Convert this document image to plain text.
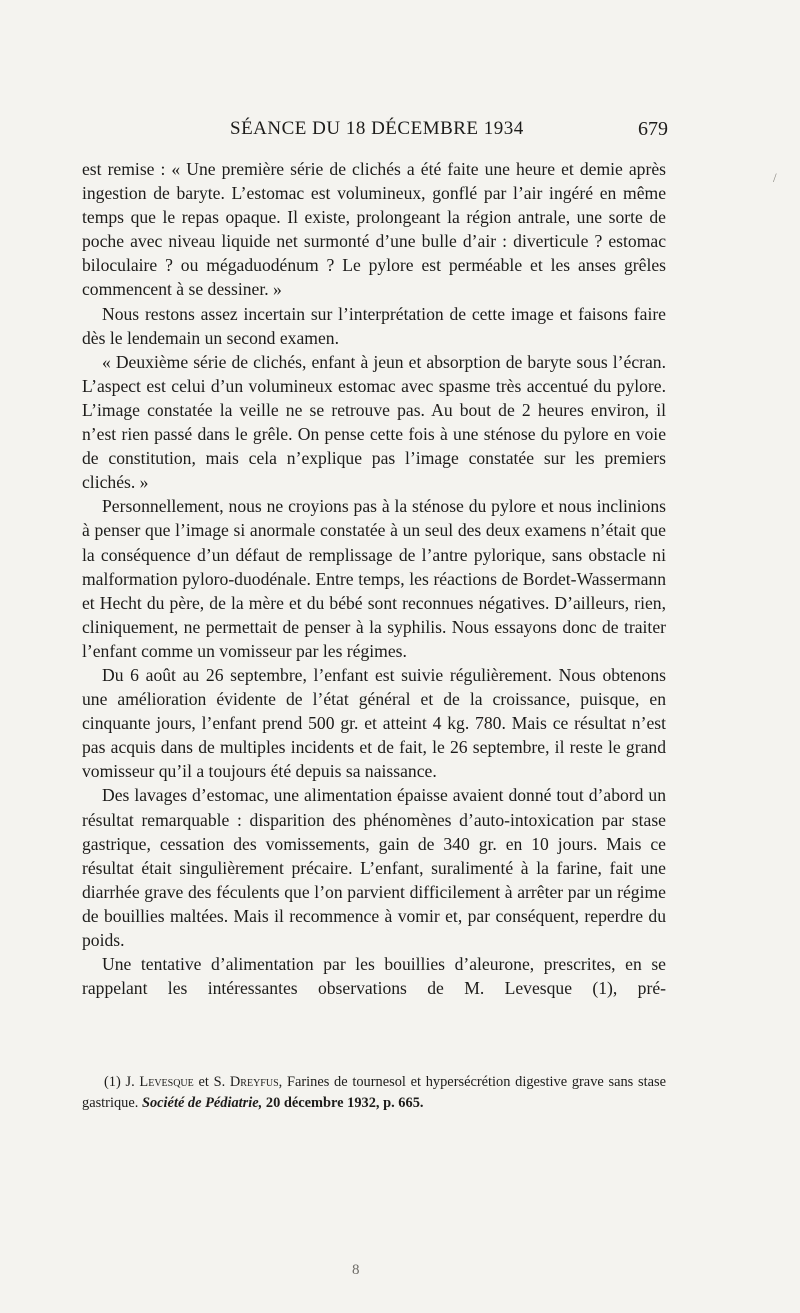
SÉANCE DU 18 DÉCEMBRE 1934	679

est remise : « Une première série de clichés a été faite une heure et demie après ingestion de baryte. L’estomac est volumineux, gonflé par l’air ingéré en même temps que le repas opaque. Il existe, prolongeant la région antrale, une sorte de poche avec niveau liquide net surmonté d’une bulle d’air : diverticule ? estomac biloculaire ? ou mégaduodénum ? Le pylore est perméable et les anses grêles commencent à se dessiner. »

Nous restons assez incertain sur l’interprétation de cette image et faisons faire dès le lendemain un second examen.

« Deuxième série de clichés, enfant à jeun et absorption de baryte sous l’écran. L’aspect est celui d’un volumineux estomac avec spasme très accentué du pylore. L’image constatée la veille ne se retrouve pas. Au bout de 2 heures environ, il n’est rien passé dans le grêle. On pense cette fois à une sténose du pylore en voie de constitution, mais cela n’explique pas l’image constatée sur les premiers clichés. »

Personnellement, nous ne croyions pas à la sténose du pylore et nous inclinions à penser que l’image si anormale constatée à un seul des deux examens n’était que la conséquence d’un défaut de remplissage de l’antre pylorique, sans obstacle ni malformation pyloro-duodénale. Entre temps, les réactions de Bordet-Wassermann et Hecht du père, de la mère et du bébé sont reconnues négatives. D’ailleurs, rien, cliniquement, ne permettait de penser à la syphilis. Nous essayons donc de traiter l’enfant comme un vomisseur par les régimes.

Du 6 août au 26 septembre, l’enfant est suivie régulièrement. Nous obtenons une amélioration évidente de l’état général et de la croissance, puisque, en cinquante jours, l’enfant prend 500 gr. et atteint 4 kg. 780. Mais ce résultat n’est pas acquis dans de multiples incidents et de fait, le 26 septembre, il reste le grand vomisseur qu’il a toujours été depuis sa naissance.

Des lavages d’estomac, une alimentation épaisse avaient donné tout d’abord un résultat remarquable : disparition des phénomènes d’auto-intoxication par stase gastrique, cessation des vomissements, gain de 340 gr. en 10 jours. Mais ce résultat était singulièrement précaire. L’enfant, suralimenté à la farine, fait une diarrhée grave des féculents que l’on parvient difficilement à arrêter par un régime de bouillies maltées. Mais il recommence à vomir et, par conséquent, reperdre du poids.

Une tentative d’alimentation par les bouillies d’aleurone, prescrites, en se rappelant les intéressantes observations de M. Levesque (1), pré-

(1) J. Levesque et S. Dreyfus, Farines de tournesol et hypersécrétion digestive grave sans stase gastrique. Société de Pédiatrie, 20 décembre 1932, p. 665.

8
/
